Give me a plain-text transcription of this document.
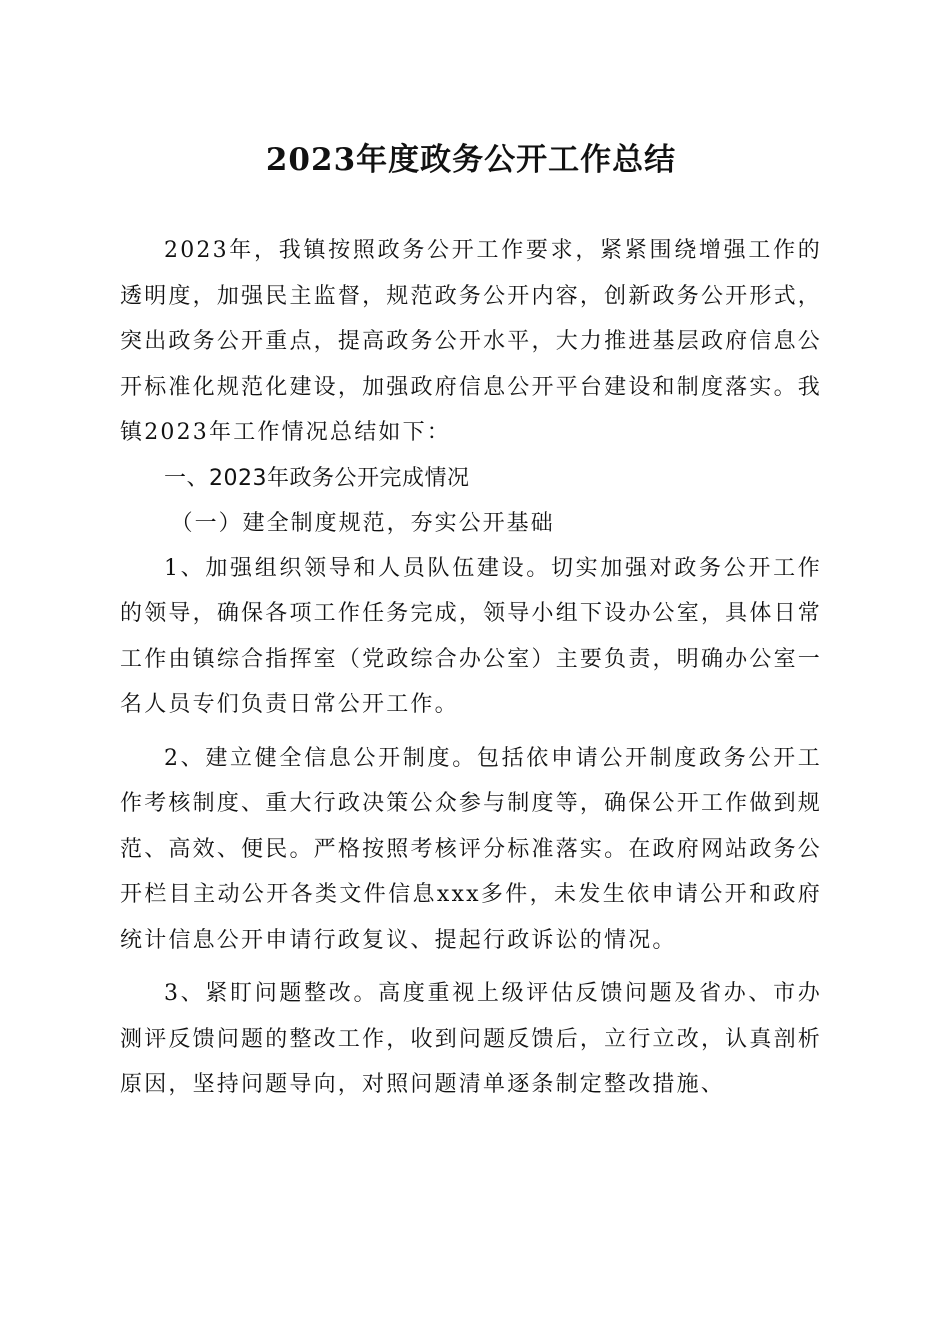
2023年度政务公开工作总结

2023年，我镇按照政务公开工作要求，紧紧围绕增强工作的透明度，加强民主监督，规范政务公开内容，创新政务公开形式，突出政务公开重点，提高政务公开水平，大力推进基层政府信息公开标准化规范化建设，加强政府信息公开平台建设和制度落实。我镇2023年工作情况总结如下：

一、2023年政务公开完成情况

（一）建全制度规范，夯实公开基础

1、加强组织领导和人员队伍建设。切实加强对政务公开工作的领导，确保各项工作任务完成，领导小组下设办公室，具体日常工作由镇综合指挥室（党政综合办公室）主要负责，明确办公室一名人员专们负责日常公开工作。

2、建立健全信息公开制度。包括依申请公开制度政务公开工作考核制度、重大行政决策公众参与制度等，确保公开工作做到规范、高效、便民。严格按照考核评分标准落实。在政府网站政务公开栏目主动公开各类文件信息xxx多件，未发生依申请公开和政府统计信息公开申请行政复议、提起行政诉讼的情况。

3、紧盯问题整改。高度重视上级评估反馈问题及省办、市办测评反馈问题的整改工作，收到问题反馈后，立行立改，认真剖析原因，坚持问题导向，对照问题清单逐条制定整改措施、
